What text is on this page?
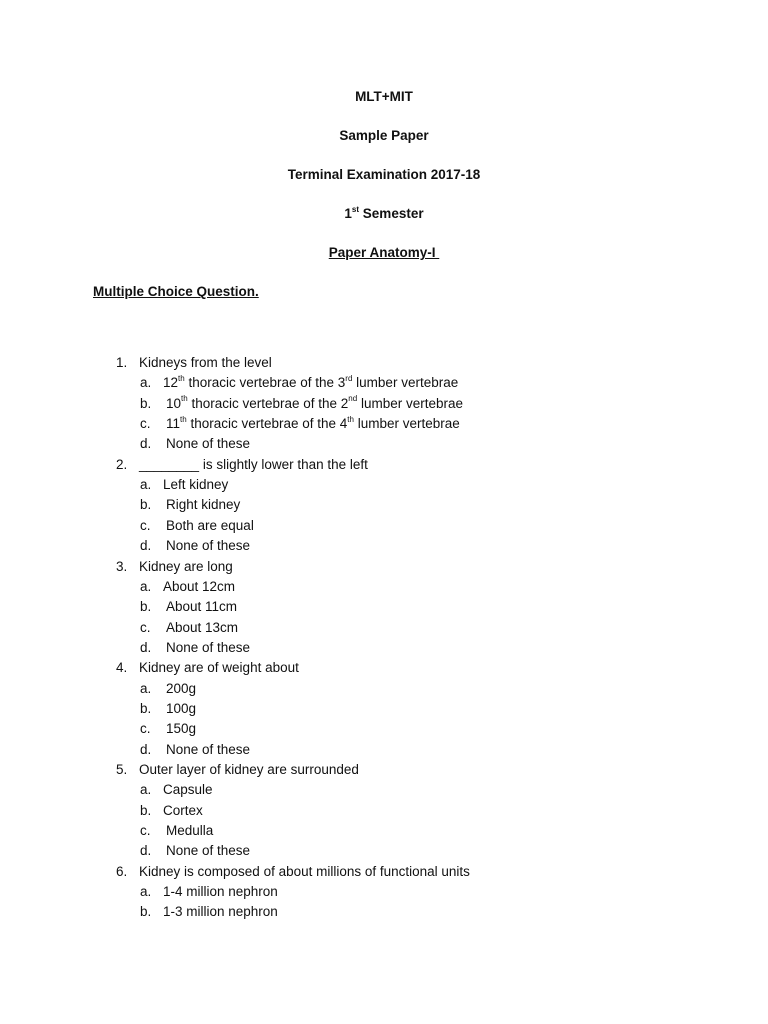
MLT+MIT
Sample Paper
Terminal Examination 2017-18
1st Semester
Paper Anatomy-I
Multiple Choice Question.
1. Kidneys from the level
a. 12th thoracic vertebrae of the 3rd lumber vertebrae
b. 10th thoracic vertebrae of the 2nd lumber vertebrae
c. 11th thoracic vertebrae of the 4th lumber vertebrae
d. None of these
2. ________ is slightly lower than the left
a. Left kidney
b. Right kidney
c. Both are equal
d. None of these
3. Kidney are long
a. About 12cm
b. About 11cm
c. About 13cm
d. None of these
4. Kidney are of weight about
a. 200g
b. 100g
c. 150g
d. None of these
5. Outer layer of kidney are surrounded
a. Capsule
b. Cortex
c. Medulla
d. None of these
6. Kidney is composed of about millions of functional units
a. 1-4 million nephron
b. 1-3 million nephron
